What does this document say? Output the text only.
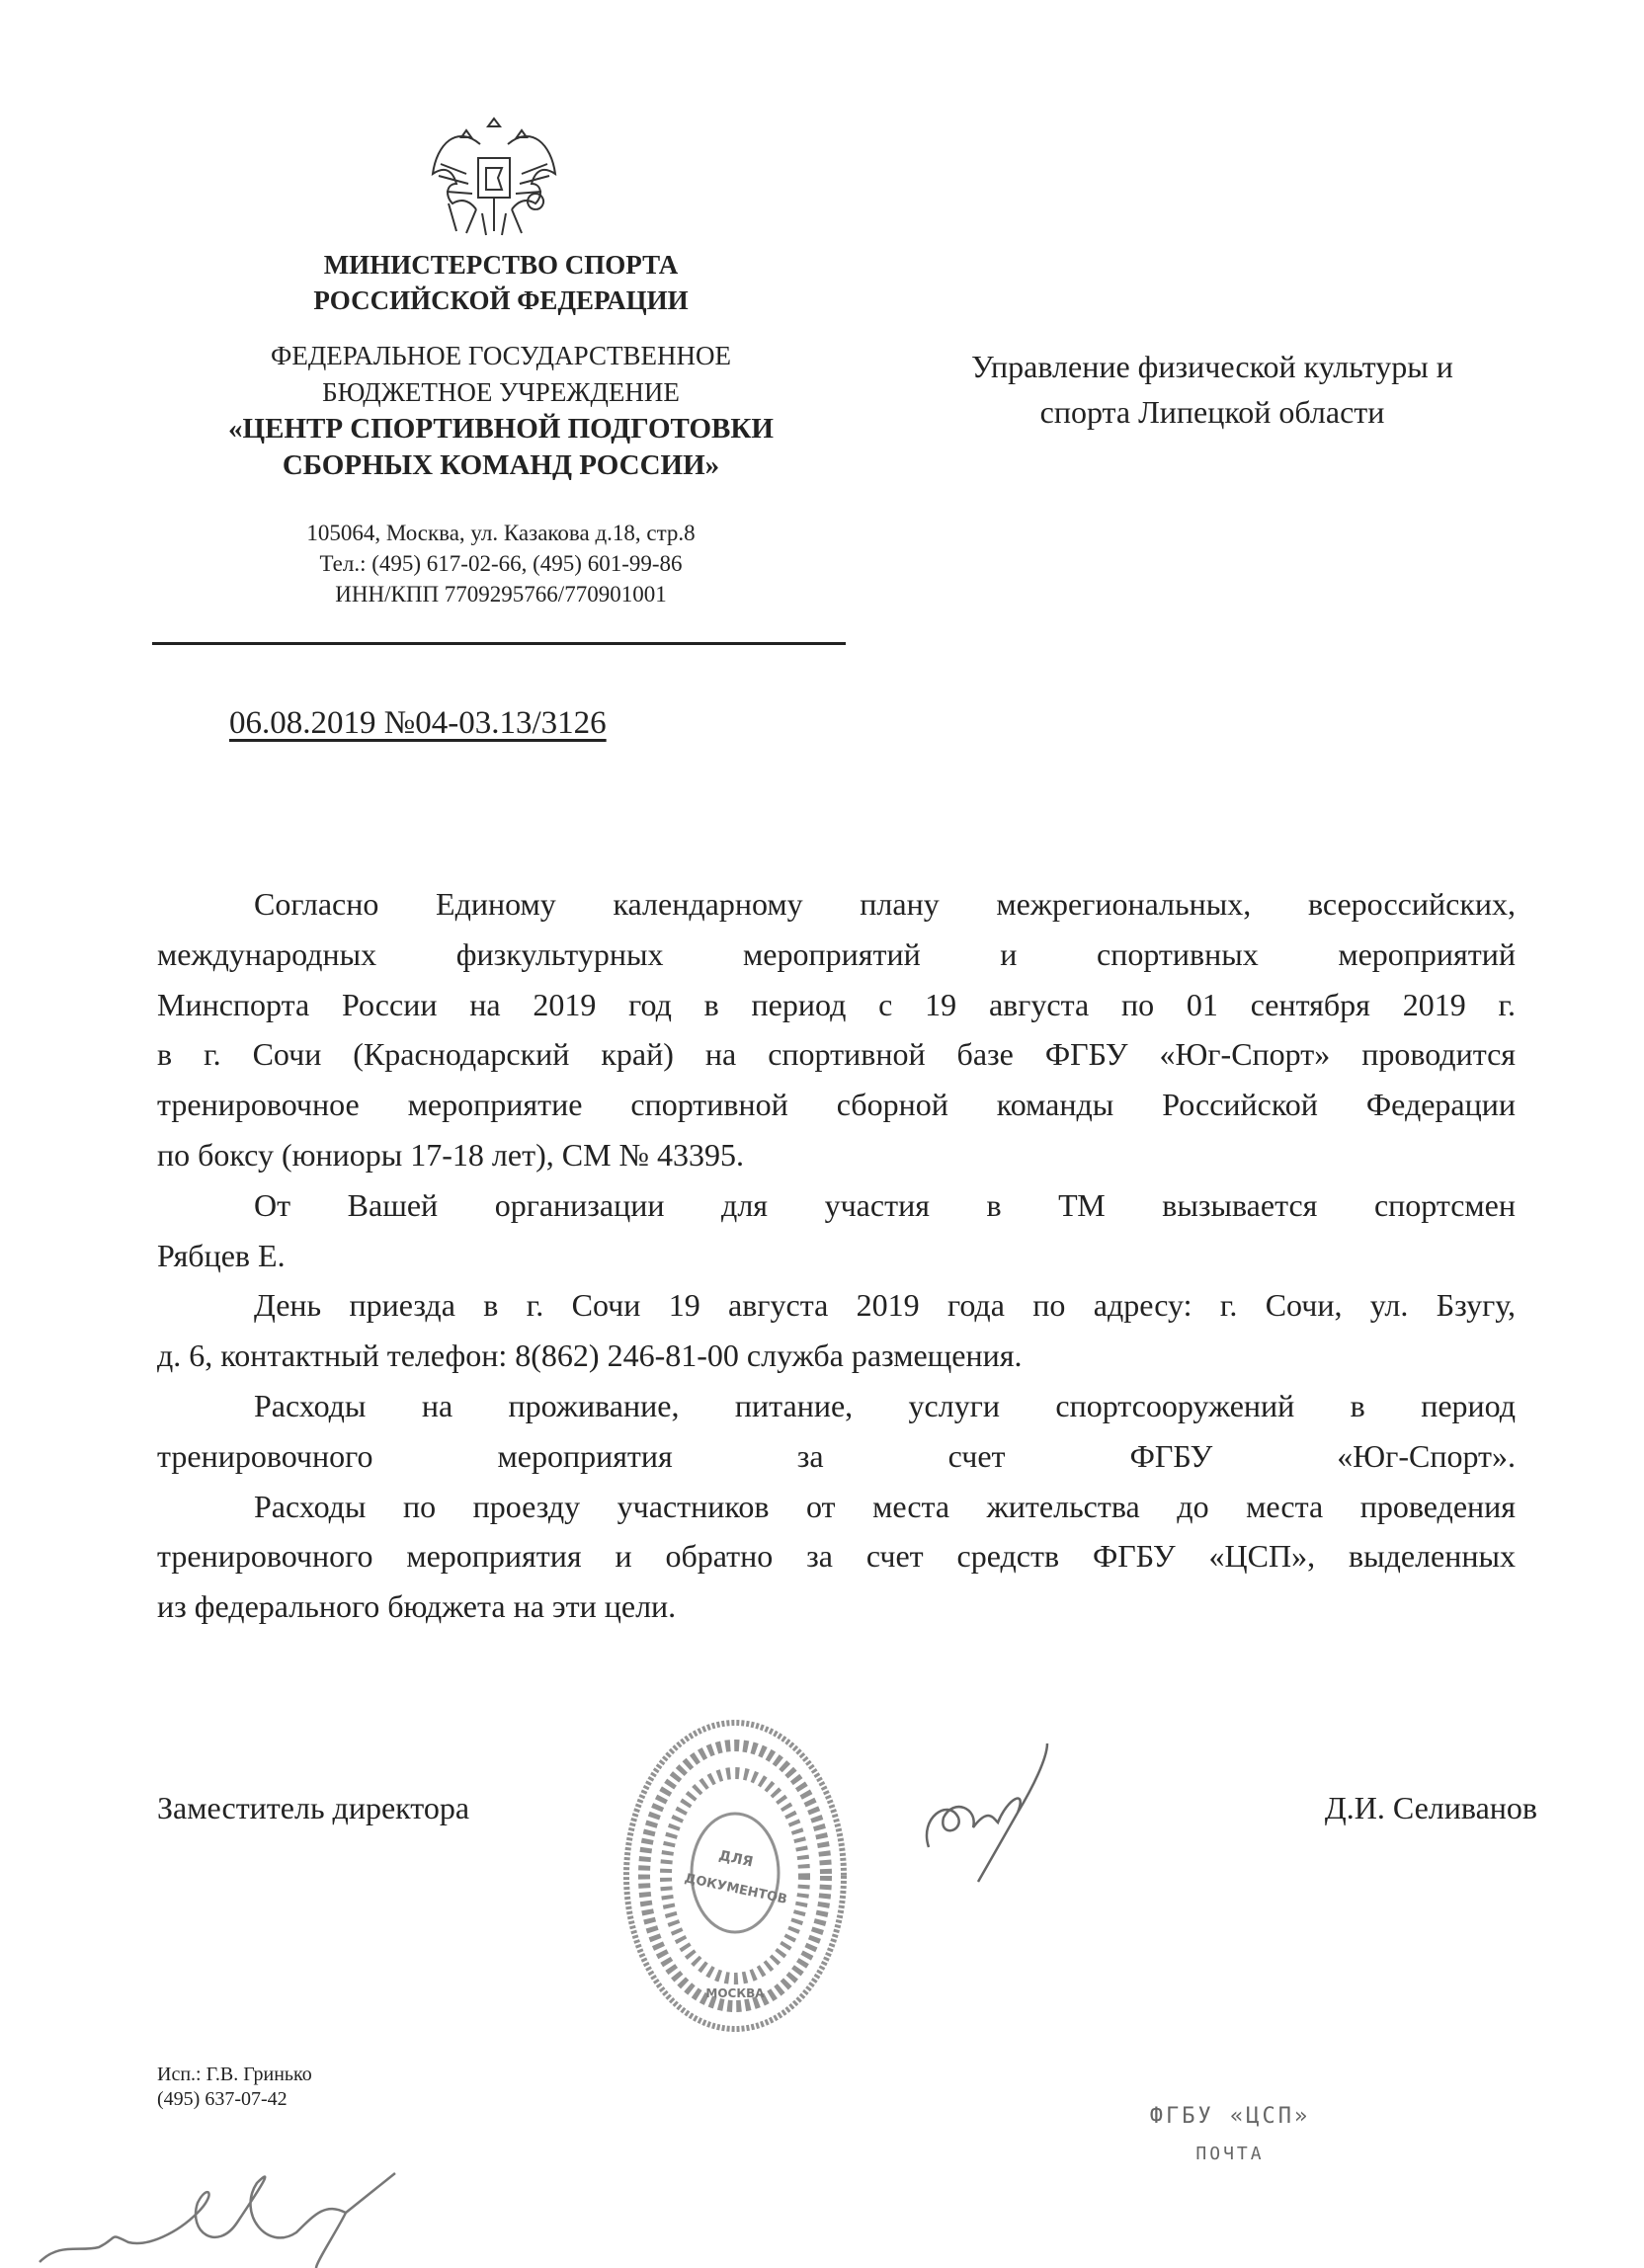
МИНИСТЕРСТВО СПОРТА
РОССИЙСКОЙ ФЕДЕРАЦИИ
ФЕДЕРАЛЬНОЕ ГОСУДАРСТВЕННОЕ
БЮДЖЕТНОЕ УЧРЕЖДЕНИЕ
«ЦЕНТР СПОРТИВНОЙ ПОДГОТОВКИ
СБОРНЫХ КОМАНД РОССИИ»
105064, Москва, ул. Казакова д.18, стр.8
Тел.: (495) 617-02-66, (495) 601-99-86
ИНН/КПП 7709295766/770901001
06.08.2019 №04-03.13/3126
Управление физической культуры и
спорта Липецкой области
Согласно Единому календарному плану межрегиональных, всероссийских,
международных физкультурных мероприятий и спортивных мероприятий
Минспорта России на 2019 год в период с 19 августа по 01 сентября 2019 г.
в г. Сочи (Краснодарский край) на спортивной базе ФГБУ «Юг-Спорт» проводится
тренировочное мероприятие спортивной сборной команды Российской Федерации
по боксу (юниоры 17-18 лет), СМ № 43395.
От Вашей организации для участия в ТМ вызывается спортсмен
Рябцев Е.
День приезда в г. Сочи 19 августа 2019 года по адресу: г. Сочи, ул. Бзугу,
д. 6, контактный телефон: 8(862) 246-81-00 служба размещения.
Расходы на проживание, питание, услуги спортсооружений в период
тренировочного мероприятия за счет ФГБУ «Юг-Спорт».
Расходы по проезду участников от места жительства до места проведения
тренировочного мероприятия и обратно за счет средств ФГБУ «ЦСП», выделенных
из федерального бюджета на эти цели.
Заместитель директора	Д.И. Селиванов
ДЛЯ
ДОКУМЕНТОВ
МОСКВА
Исп.: Г.В. Гринько
(495) 637-07-42
ФГБУ «ЦСП»
ПОЧТА
